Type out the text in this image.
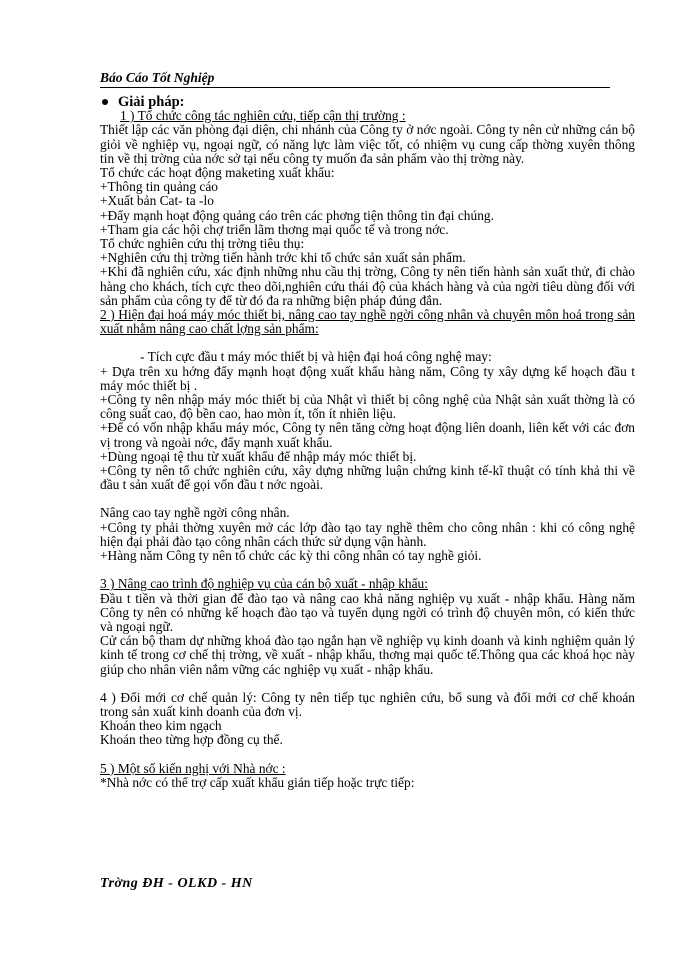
Báo Cáo Tốt Nghiệp
Giải pháp:

1 ) Tổ chức công tác nghiên cứu, tiếp cận thị trường :

Thiết lập các văn phòng đại diện, chi nhánh của Công ty ở nớc ngoài. Công ty nên cử những cán bộ giỏi về nghiệp vụ, ngoại ngữ, có năng lực làm việc tốt, có nhiệm vụ cung cấp thờng xuyên thông tin về thị trờng của nớc sở tại nếu công ty muốn đa sản phẩm vào thị trờng này.

Tổ chức các hoạt động maketing xuất khẩu:

+Thông tin quảng cáo

+Xuất bản Cat- ta -lo

+Đẩy mạnh hoạt động quảng cáo trên các phơng tiện thông tin đại chúng.

+Tham gia các hội chợ triển lãm thơng mại quốc tế và trong nớc.

Tổ chức nghiên cứu thị trờng tiêu thụ:

+Nghiên cứu thị trờng tiến hành trớc khi tổ chức sản xuất sản phẩm.

+Khi đã nghiên cứu, xác định những nhu cầu thị trờng, Công ty nên tiến hành sản xuất thử, đi chào hàng cho khách, tích cực theo dõi,nghiên cứu thái độ của khách hàng và của ngời tiêu dùng đối với sản phẩm của công ty để từ đó đa ra những biện pháp đúng đắn.

2 ) Hiện đại hoá máy móc thiết bị, nâng cao tay nghề ngời công nhân và chuyên môn hoá trong sản xuất nhằm nâng cao chất lợng sản phẩm:

- Tích cực đầu t máy móc thiết bị và hiện đại hoá công nghệ may:

+ Dựa trên xu hớng đẩy mạnh hoạt động xuất khẩu hàng năm, Công ty xây dựng kế hoạch đầu t máy móc thiết bị .

+Công ty nên nhập máy móc thiết bị của Nhật vì thiết bị công nghệ của Nhật sản xuất thờng là có công suất cao, độ bền cao, hao mòn ít, tốn ít nhiên liệu.

+Để có vốn nhập khẩu máy móc, Công ty nên tăng cờng hoạt động liên doanh, liên kết với các đơn vị trong và ngoài nớc, đẩy mạnh xuất khẩu.

+Dùng ngoại tệ thu từ xuất khẩu để nhập máy móc thiết bị.

+Công ty nên tổ chức nghiên cứu, xây dựng những luận chứng kinh tế-kĩ thuật có tính khả thi về đầu t sản xuất để gọi vốn đầu t nớc ngoài.

Nâng cao tay nghề ngời công nhân.

+Công ty phải thờng xuyên mở các lớp đào tạo tay nghề thêm cho công nhân : khi có công nghệ hiện đại phải đào tạo công nhân cách thức sử dụng vận hành.

+Hàng năm Công ty nên tổ chức các kỳ thi công nhân có tay nghề giỏi.

3 ) Nâng cao trình độ nghiệp vụ của cán bộ xuất - nhập khẩu:

Đầu t tiền và thời gian để đào tạo và nâng cao khả năng nghiệp vụ xuất - nhập khẩu. Hàng năm Công ty nên có những kế hoạch đào tạo và tuyển dụng ngời có trình độ chuyên môn, có kiến thức và ngoại ngữ.

Cử cán bộ tham dự những khoá đào tạo ngắn hạn về nghiệp vụ kinh doanh và kinh nghiệm quản lý kinh tế trong cơ chế thị trờng, về xuất - nhập khẩu, thơng mại quốc tế.Thông qua các khoá học này giúp cho nhân viên nắm vững các nghiệp vụ xuất - nhập khẩu.

4 ) Đổi mới cơ chế quản lý: Công ty nên tiếp tục nghiên cứu, bổ sung và đổi mới cơ chế khoán trong sản xuất kinh doanh của đơn vị.

Khoán theo kim ngạch

Khoán theo từng hợp đồng cụ thể.

5 ) Một số kiến nghị với Nhà nớc :

*Nhà nớc có thể trợ cấp xuất khẩu gián tiếp hoặc trực tiếp:

Trờng ĐH - OLKD - HN
